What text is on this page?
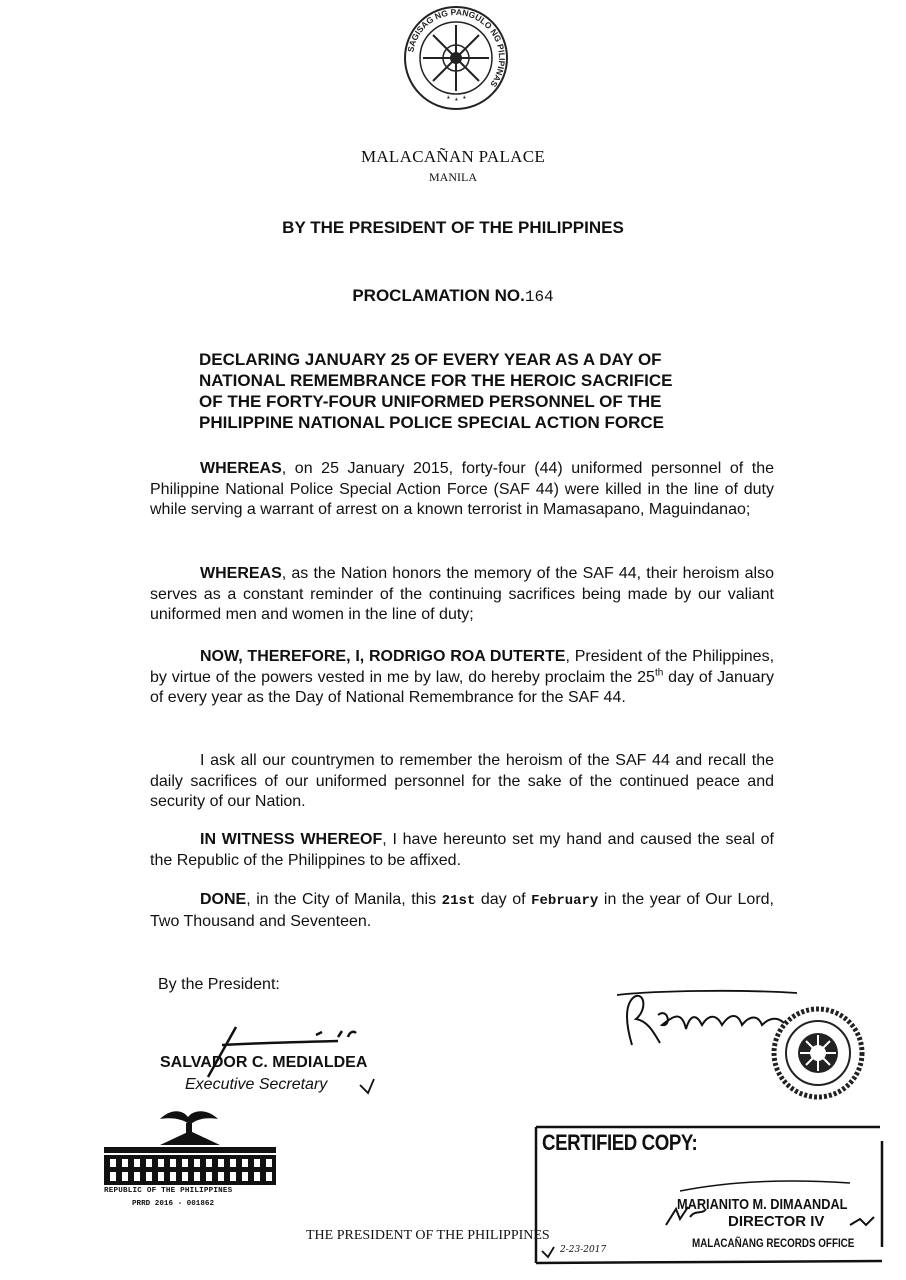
SAGISAG NG PANGULO NG PILIPINAS
MALACAÑAN PALACE
MANILA
BY THE PRESIDENT OF THE PHILIPPINES
PROCLAMATION NO.164
DECLARING JANUARY 25 OF EVERY YEAR AS A DAY OF
NATIONAL REMEMBRANCE FOR THE HEROIC SACRIFICE
OF THE FORTY-FOUR UNIFORMED PERSONNEL OF THE
PHILIPPINE NATIONAL POLICE SPECIAL ACTION FORCE
WHEREAS, on 25 January 2015, forty-four (44) uniformed personnel of the Philippine National Police Special Action Force (SAF 44) were killed in the line of duty while serving a warrant of arrest on a known terrorist in Mamasapano, Maguindanao;
WHEREAS, as the Nation honors the memory of the SAF 44, their heroism also serves as a constant reminder of the continuing sacrifices being made by our valiant uniformed men and women in the line of duty;
NOW, THEREFORE, I, RODRIGO ROA DUTERTE, President of the Philippines, by virtue of the powers vested in me by law, do hereby proclaim the 25th day of January of every year as the Day of National Remembrance for the SAF 44.
I ask all our countrymen to remember the heroism of the SAF 44 and recall the daily sacrifices of our uniformed personnel for the sake of the continued peace and security of our Nation.
IN WITNESS WHEREOF, I have hereunto set my hand and caused the seal of the Republic of the Philippines to be affixed.
DONE, in the City of Manila, this 21st day of February in the year of Our Lord, Two Thousand and Seventeen.
By the President:
SALVADOR C. MEDIALDEA
Executive Secretary
REPUBLIC OF THE PHILIPPINES
PRRD 2016 - 001862
THE PRESIDENT OF THE PHILIPPINES
CERTIFIED COPY:
MARIANITO M. DIMAANDAL
DIRECTOR IV
MALACAÑANG RECORDS OFFICE
2-23-2017
